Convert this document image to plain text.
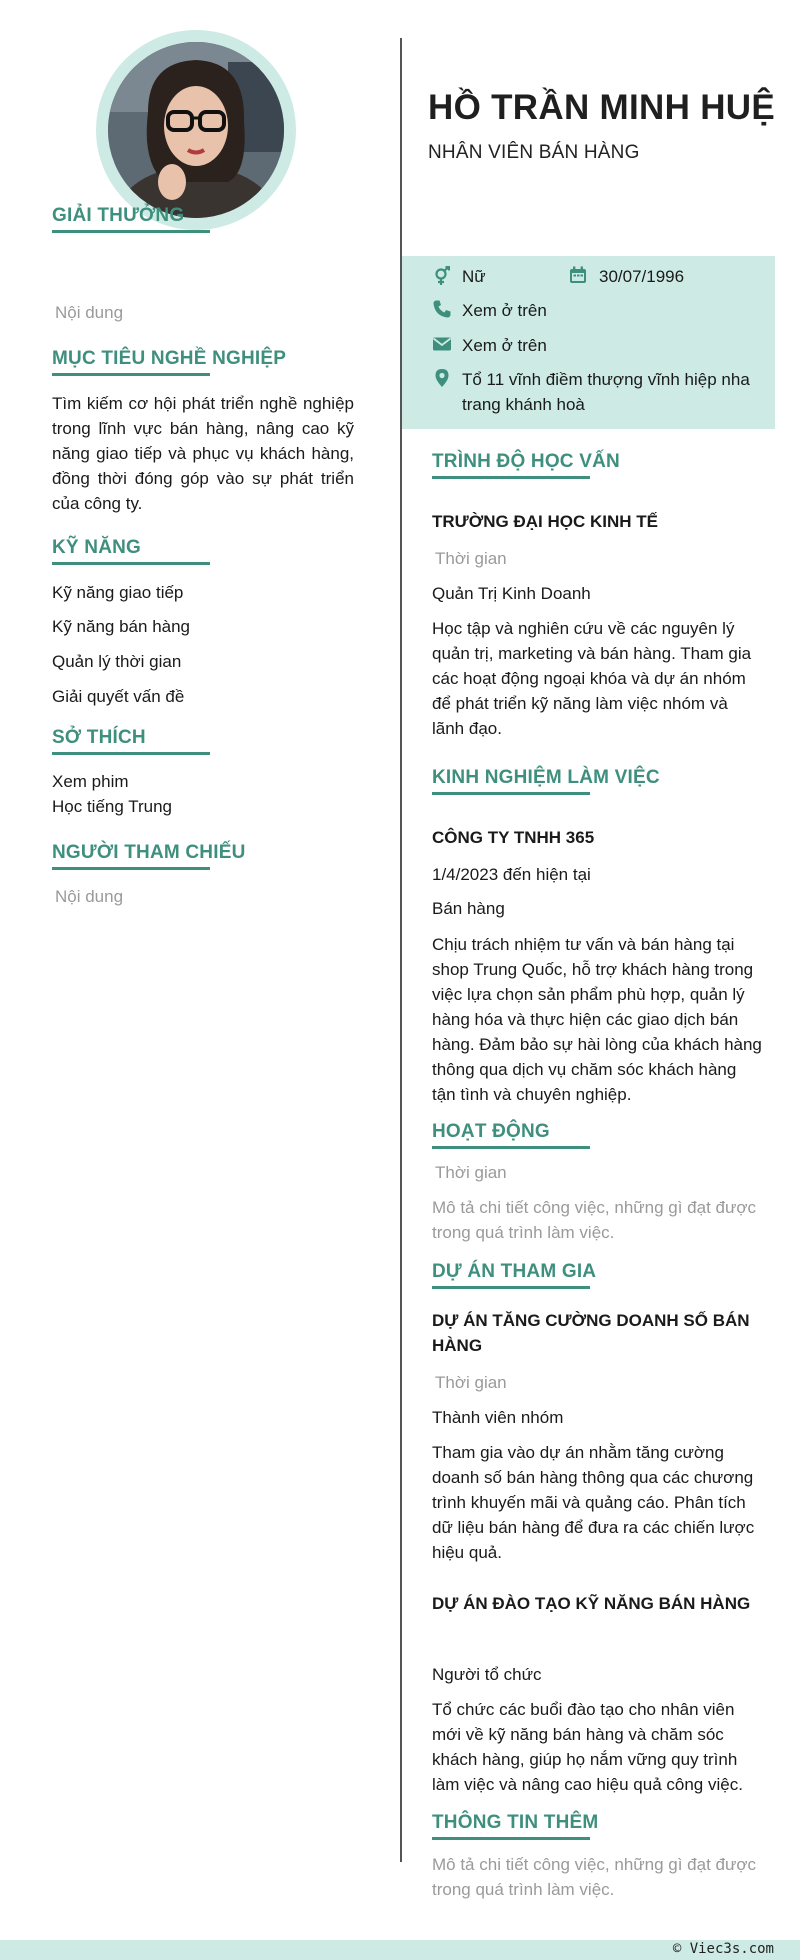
GIẢI THƯỞNG
Nội dung
MỤC TIÊU NGHỀ NGHIỆP
Tìm kiếm cơ hội phát triển nghề nghiệp trong lĩnh vực bán hàng, nâng cao kỹ năng giao tiếp và phục vụ khách hàng, đồng thời đóng góp vào sự phát triển của công ty.
KỸ NĂNG
Kỹ năng giao tiếp
Kỹ năng bán hàng
Quản lý thời gian
Giải quyết vấn đề
SỞ THÍCH
Xem phim
Học tiếng Trung
NGƯỜI THAM CHIẾU
Nội dung
HỒ TRẦN MINH HUỆ
NHÂN VIÊN BÁN HÀNG
Nữ	30/07/1996
Xem ở trên
Xem ở trên
Tổ 11 vĩnh điềm thượng vĩnh hiệp nha trang khánh hoà
TRÌNH ĐỘ HỌC VẤN
TRƯỜNG ĐẠI HỌC KINH TẾ
Thời gian
Quản Trị Kinh Doanh
Học tập và nghiên cứu về các nguyên lý quản trị, marketing và bán hàng. Tham gia các hoạt động ngoại khóa và dự án nhóm để phát triển kỹ năng làm việc nhóm và lãnh đạo.
KINH NGHIỆM LÀM VIỆC
CÔNG TY TNHH 365
1/4/2023 đến hiện tại
Bán hàng
Chịu trách nhiệm tư vấn và bán hàng tại shop Trung Quốc, hỗ trợ khách hàng trong việc lựa chọn sản phẩm phù hợp, quản lý hàng hóa và thực hiện các giao dịch bán hàng. Đảm bảo sự hài lòng của khách hàng thông qua dịch vụ chăm sóc khách hàng tận tình và chuyên nghiệp.
HOẠT ĐỘNG
Thời gian
Mô tả chi tiết công việc, những gì đạt được trong quá trình làm việc.
DỰ ÁN THAM GIA
DỰ ÁN TĂNG CƯỜNG DOANH SỐ BÁN HÀNG
Thời gian
Thành viên nhóm
Tham gia vào dự án nhằm tăng cường doanh số bán hàng thông qua các chương trình khuyến mãi và quảng cáo. Phân tích dữ liệu bán hàng để đưa ra các chiến lược hiệu quả.
DỰ ÁN ĐÀO TẠO KỸ NĂNG BÁN HÀNG
Người tổ chức
Tổ chức các buổi đào tạo cho nhân viên mới về kỹ năng bán hàng và chăm sóc khách hàng, giúp họ nắm vững quy trình làm việc và nâng cao hiệu quả công việc.
THÔNG TIN THÊM
Mô tả chi tiết công việc, những gì đạt được trong quá trình làm việc.
© Viec3s.com
